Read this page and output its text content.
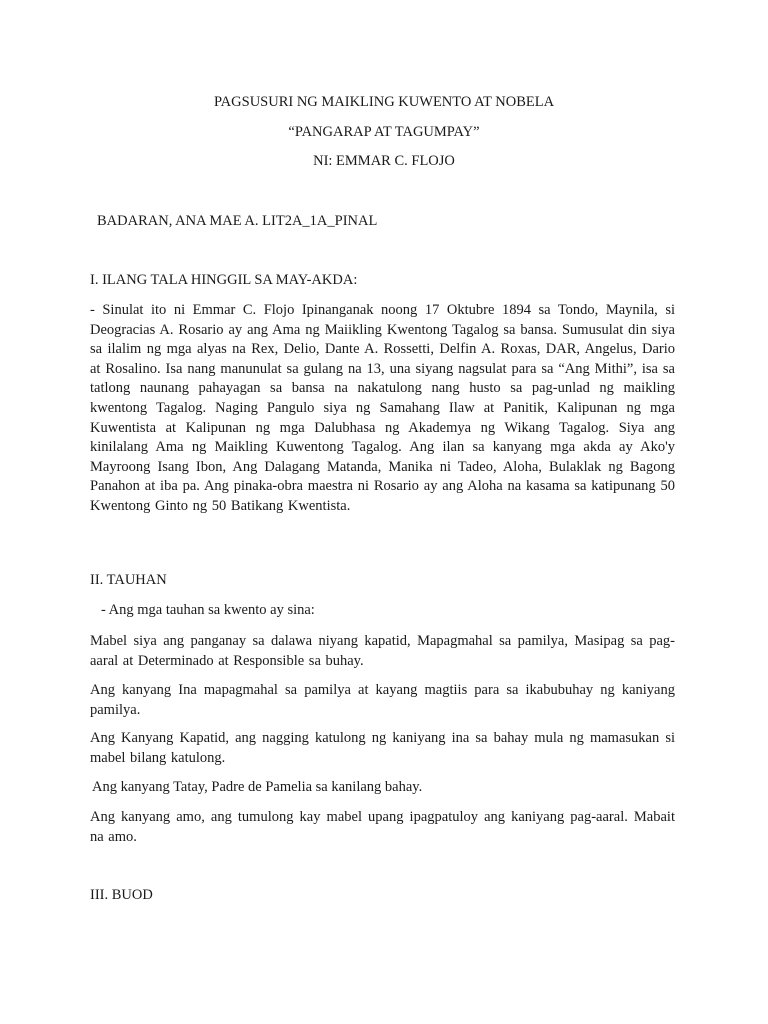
PAGSUSURI NG MAIKLING KUWENTO AT NOBELA
“PANGARAP AT TAGUMPAY”
NI: EMMAR C. FLOJO
BADARAN, ANA MAE A. LIT2A_1A_PINAL
I. ILANG TALA HINGGIL SA MAY-AKDA:
- Sinulat ito ni Emmar C. Flojo Ipinanganak noong 17 Oktubre 1894 sa Tondo, Maynila, si Deogracias A. Rosario ay ang Ama ng Maiikling Kwentong Tagalog sa bansa. Sumusulat din siya sa ilalim ng mga alyas na Rex, Delio, Dante A. Rossetti, Delfin A. Roxas, DAR, Angelus, Dario at Rosalino. Isa nang manunulat sa gulang na 13, una siyang nagsulat para sa “Ang Mithi”, isa sa tatlong naunang pahayagan sa bansa na nakatulong nang husto sa pag-unlad ng maikling kwentong Tagalog. Naging Pangulo siya ng Samahang Ilaw at Panitik, Kalipunan ng mga Kuwentista at Kalipunan ng mga Dalubhasa ng Akademya ng Wikang Tagalog. Siya ang kinilalang Ama ng Maikling Kuwentong Tagalog. Ang ilan sa kanyang mga akda ay Ako'y Mayroong Isang Ibon, Ang Dalagang Matanda, Manika ni Tadeo, Aloha, Bulaklak ng Bagong Panahon at iba pa. Ang pinaka-obra maestra ni Rosario ay ang Aloha na kasama sa katipunang 50 Kwentong Ginto ng 50 Batikang Kwentista.
II. TAUHAN
- Ang mga tauhan sa kwento ay sina:
Mabel siya ang panganay sa dalawa niyang kapatid, Mapagmahal sa pamilya, Masipag sa pag-aaral at Determinado at Responsible sa buhay.
Ang kanyang Ina mapagmahal sa pamilya at kayang magtiis para sa ikabubuhay ng kaniyang pamilya.
Ang Kanyang Kapatid, ang nagging katulong ng kaniyang ina sa bahay mula ng mamasukan si mabel bilang katulong.
Ang kanyang Tatay, Padre de Pamelia sa kanilang bahay.
Ang kanyang amo, ang tumulong kay mabel upang ipagpatuloy ang kaniyang pag-aaral. Mabait na amo.
III. BUOD
